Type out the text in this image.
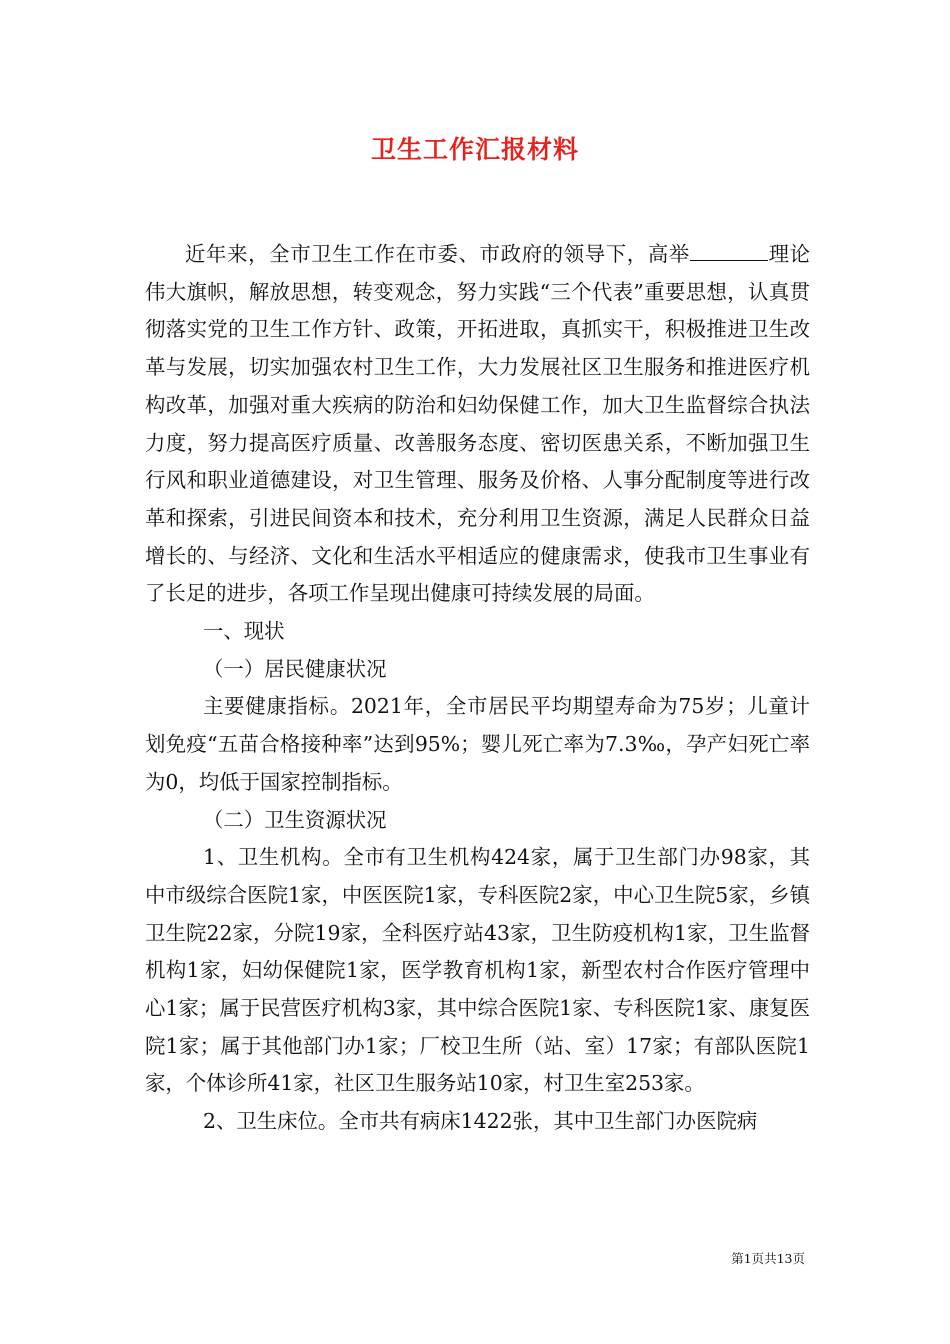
卫生工作汇报材料

近年来，全市卫生工作在市委、市政府的领导下，高举	理论伟大旗帜，解放思想，转变观念，努力实践“三个代表”重要思想，认真贯彻落实党的卫生工作方针、政策，开拓进取，真抓实干，积极推进卫生改革与发展，切实加强农村卫生工作，大力发展社区卫生服务和推进医疗机构改革，加强对重大疾病的防治和妇幼保健工作，加大卫生监督综合执法力度，努力提高医疗质量、改善服务态度、密切医患关系，不断加强卫生行风和职业道德建设，对卫生管理、服务及价格、人事分配制度等进行改革和探索，引进民间资本和技术，充分利用卫生资源，满足人民群众日益增长的、与经济、文化和生活水平相适应的健康需求，使我市卫生事业有了长足的进步，各项工作呈现出健康可持续发展的局面。

一、现状

（一）居民健康状况

主要健康指标。2021年，全市居民平均期望寿命为75岁；儿童计划免疫“五苗合格接种率”达到95%；婴儿死亡率为7.3‰，孕产妇死亡率为0，均低于国家控制指标。

（二）卫生资源状况

1、卫生机构。全市有卫生机构424家，属于卫生部门办98家，其中市级综合医院1家，中医医院1家，专科医院2家，中心卫生院5家，乡镇卫生院22家，分院19家，全科医疗站43家，卫生防疫机构1家，卫生监督机构1家，妇幼保健院1家，医学教育机构1家，新型农村合作医疗管理中心1家；属于民营医疗机构3家，其中综合医院1家、专科医院1家、康复医院1家；属于其他部门办1家；厂校卫生所（站、室）17家；有部队医院1家，个体诊所41家，社区卫生服务站10家，村卫生室253家。

2、卫生床位。全市共有病床1422张，其中卫生部门办医院病

第1页共13页
